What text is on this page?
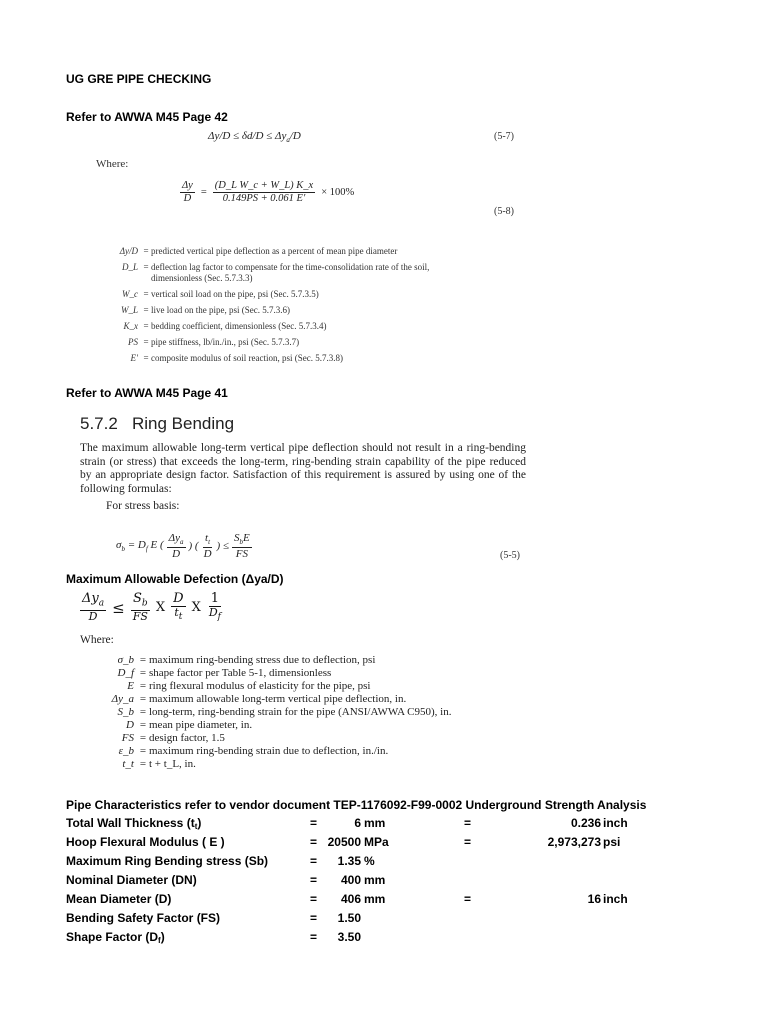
UG GRE PIPE CHECKING
Refer to AWWA M45 Page 42
$\Delta y/D \le \delta d/D \le \Delta y_a/D$	(5-7)
Where:
$\frac{\Delta y}{D} = \frac{\text{(D\_L W\_c + W\_L) K\_x}}{0.149PS + 0.061 E'} \times 100\%$
(5-8)
Δy/D = predicted vertical pipe deflection as a percent of mean pipe diameter
D_L = deflection lag factor to compensate for the time-consolidation rate of the soil, dimensionless (Sec. 5.7.3.3)
W_c = vertical soil load on the pipe, psi (Sec. 5.7.3.5)
W_L = live load on the pipe, psi (Sec. 5.7.3.6)
K_x = bedding coefficient, dimensionless (Sec. 5.7.3.4)
PS = pipe stiffness, lb/in./in., psi (Sec. 5.7.3.7)
E′ = composite modulus of soil reaction, psi (Sec. 5.7.3.8)
Refer to AWWA M45 Page 41
5.7.2   Ring Bending
The maximum allowable long-term vertical pipe deflection should not result in a ring-bending strain (or stress) that exceeds the long-term, ring-bending strain capability of the pipe reduced by an appropriate design factor. Satisfaction of this requirement is assured by using one of the following formulas:
For stress basis:
$\sigma_b = D_f$ E ( $\frac{\Delta y_a}{D}$ ) ( $\frac{t_t}{D}$ ) ≤ $\frac{S_bE}{FS}$	(5-5)
Maximum Allowable Defection (Δya/D)
$\frac{\Delta y_a}{D} \le \frac{S_b}{FS}$ X $\frac{D}{t_t}$ X $\frac{1}{D_f}$
Where:
σ_b = maximum ring-bending stress due to deflection, psi
D_f = shape factor per Table 5-1, dimensionless
E = ring flexural modulus of elasticity for the pipe, psi
Δy_a = maximum allowable long-term vertical pipe deflection, in.
S_b = long-term, ring-bending strain for the pipe (ANSI/AWWA C950), in.
D = mean pipe diameter, in.
FS = design factor, 1.5
ε_b = maximum ring-bending strain due to deflection, in./in.
t_t = t + t_L, in.
Pipe Characteristics refer to vendor document TEP-1176092-F99-0002 Underground Strength Analysis
Total Wall Thickness $(t_t)$	=	6 mm	=	0.236 inch
Hoop Flexural Modulus ( E )	= 20500 MPa	=	2,973,273 psi
Maximum Ring Bending stress (Sb)	= 1.35 %
Nominal Diameter (DN)	= 400 mm
Mean Diameter (D)	= 406 mm	=	16 inch
Bending Safety Factor (FS)	= 1.50
Shape Factor $(D_f)$	= 3.50
